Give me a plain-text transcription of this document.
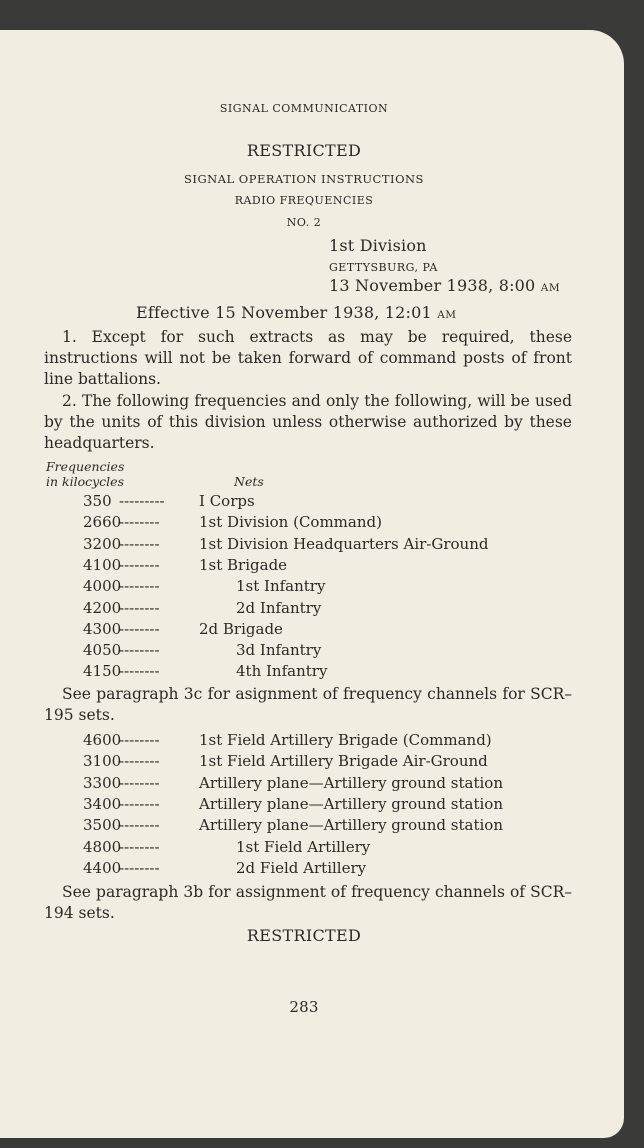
SIGNAL COMMUNICATION
RESTRICTED
SIGNAL OPERATION INSTRUCTIONS
RADIO FREQUENCIES
NO. 2
1st Division
GETTYSBURG, PA
13 November 1938, 8:00 AM
Effective 15 November 1938, 12:01 AM

1. Except for such extracts as may be required, these instructions will not be taken forward of command posts of front line battalions.

2. The following frequencies and only the following, will be used by the units of this division unless otherwise authorized by these headquarters.

Frequencies
in kilocycles	Nets
350 --------- I Corps
2660--------	1st Division (Command)
3200--------	1st Division Headquarters Air-Ground
4100--------	1st Brigade
4000--------	1st Infantry
4200--------	2d Infantry
4300--------	2d Brigade
4050--------	3d Infantry
4150--------	4th Infantry

See paragraph 3c for asignment of frequency channels for SCR–195 sets.

4600--------	1st Field Artillery Brigade (Command)
3100--------	1st Field Artillery Brigade Air-Ground
3300--------	Artillery plane—Artillery ground station
3400--------	Artillery plane—Artillery ground station
3500--------	Artillery plane—Artillery ground station
4800--------	1st Field Artillery
4400--------	2d Field Artillery

See paragraph 3b for assignment of frequency channels of SCR–194 sets.

RESTRICTED
283
